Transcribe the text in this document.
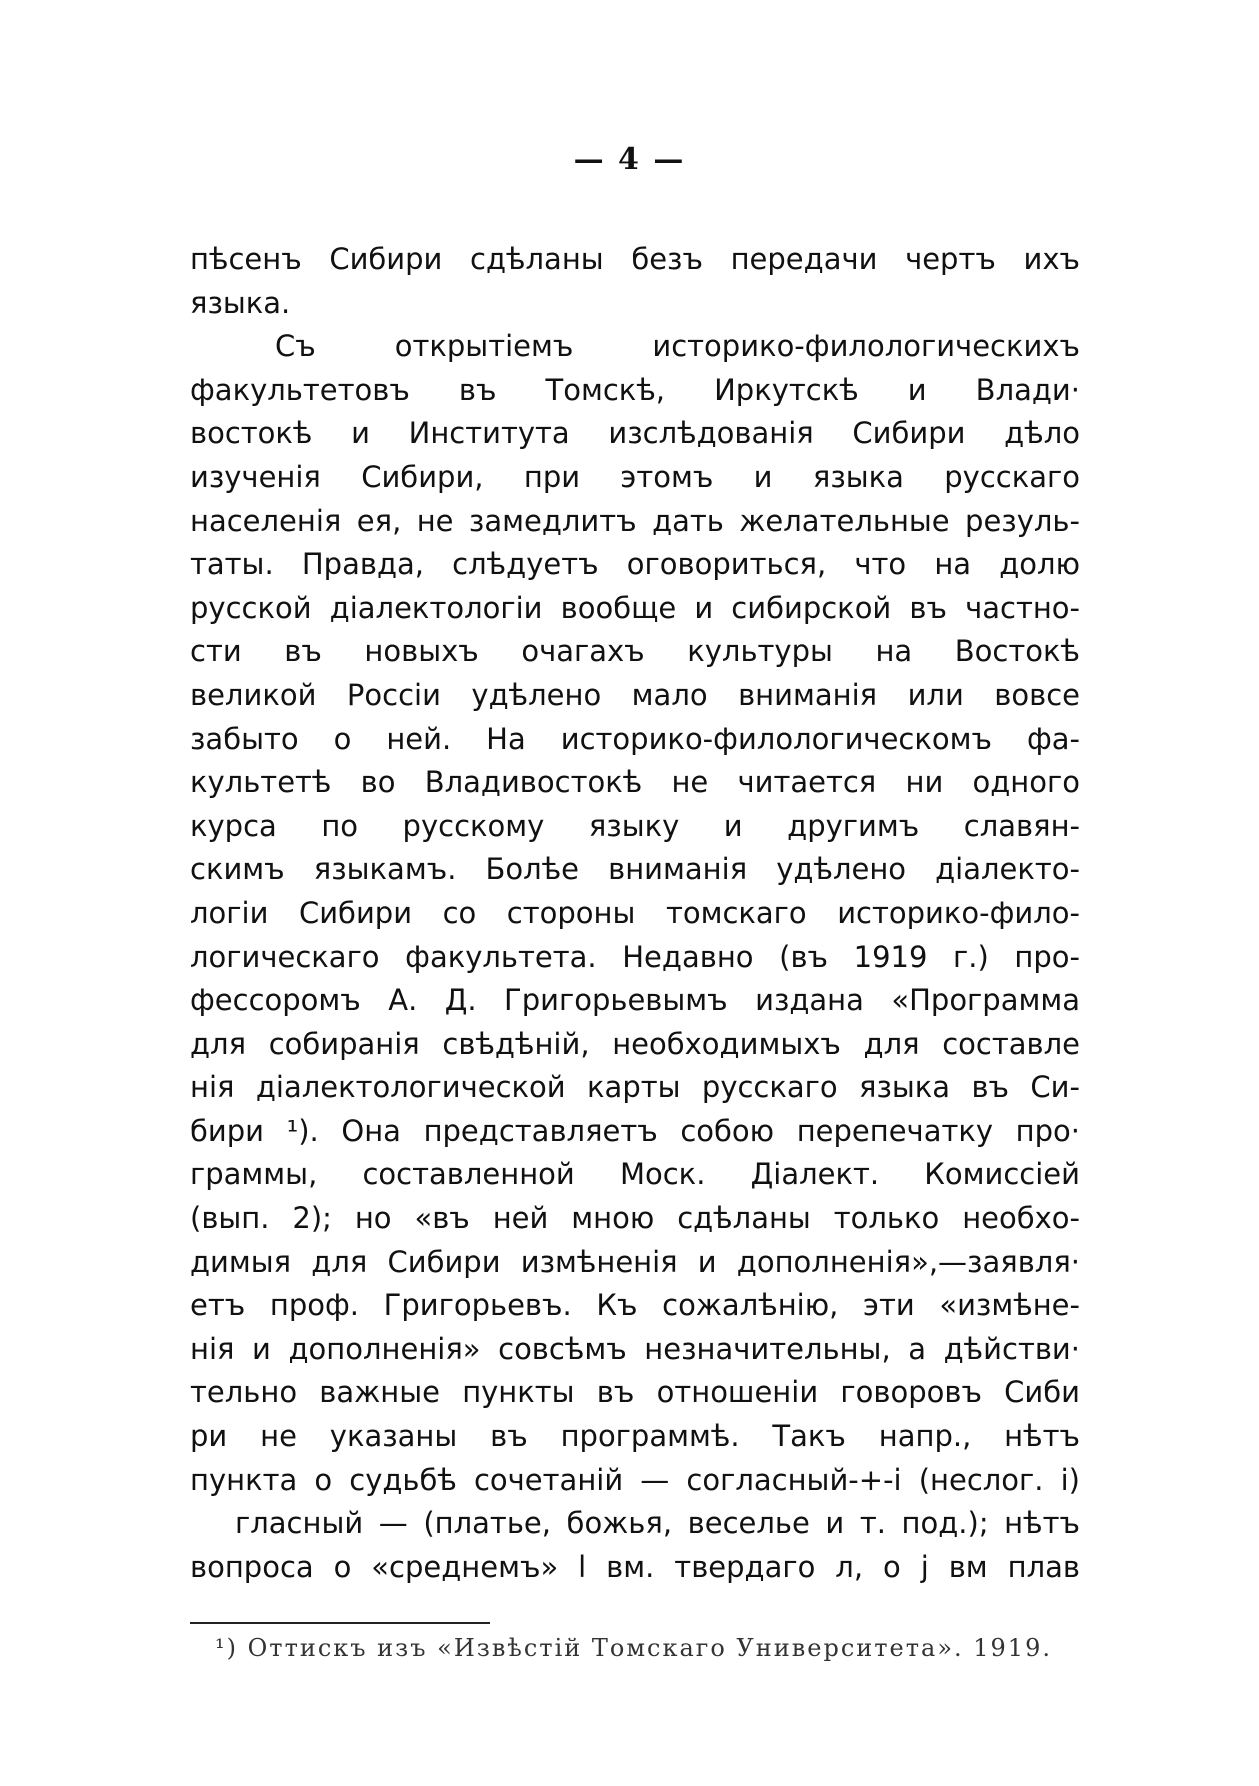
— 4 —
пѣсенъ Сибири сдѣланы безъ передачи чертъ ихъ
языка.
Съ открытіемъ историко-филологическихъ
факультетовъ въ Томскѣ, Иркутскѣ и Влади·
востокѣ и Института изслѣдованія Сибири дѣло
изученія Сибири, при этомъ и языка русскаго
населенія ея, не замедлитъ дать желательные резуль-
таты. Правда, слѣдуетъ оговориться, что на долю
русской діалектологіи вообще и сибирской въ частно-
сти въ новыхъ очагахъ культуры на Востокѣ
великой Россіи удѣлено мало вниманія или вовсе
забыто о ней. На историко-филологическомъ фа-
культетѣ во Владивостокѣ не читается ни одного
курса по русскому языку и другимъ славян-
скимъ языкамъ. Болѣе вниманія удѣлено діалекто-
логіи Сибири со стороны томскаго историко-фило-
логическаго факультета. Недавно (въ 1919 г.) про-
фессоромъ А. Д. Григорьевымъ издана «Программа
для собиранія свѣдѣній, необходимыхъ для составле
нія діалектологической карты русскаго языка въ Си-
бири ¹). Она представляетъ собою перепечатку про·
граммы, составленной Моск. Діалект. Комиссіей
(вып. 2); но «въ ней мною сдѣланы только необхо-
димыя для Сибири измѣненія и дополненія»,—заявля·
етъ проф. Григорьевъ. Къ сожалѣнію, эти «измѣне-
нія и дополненія» совсѣмъ незначительны, а дѣйстви·
тельно важные пункты въ отношеніи говоровъ Сиби
ри не указаны въ программѣ. Такъ напр., нѣтъ
пункта о судьбѣ сочетаній — согласный-+-і (неслог. і)
гласный — (платье, божья, веселье и т. под.); нѣтъ
вопроса о «среднемъ» l вм. твердаго л, о j вм плав
¹) Оттискъ изъ «Извѣстій Томскаго Университета». 1919.
